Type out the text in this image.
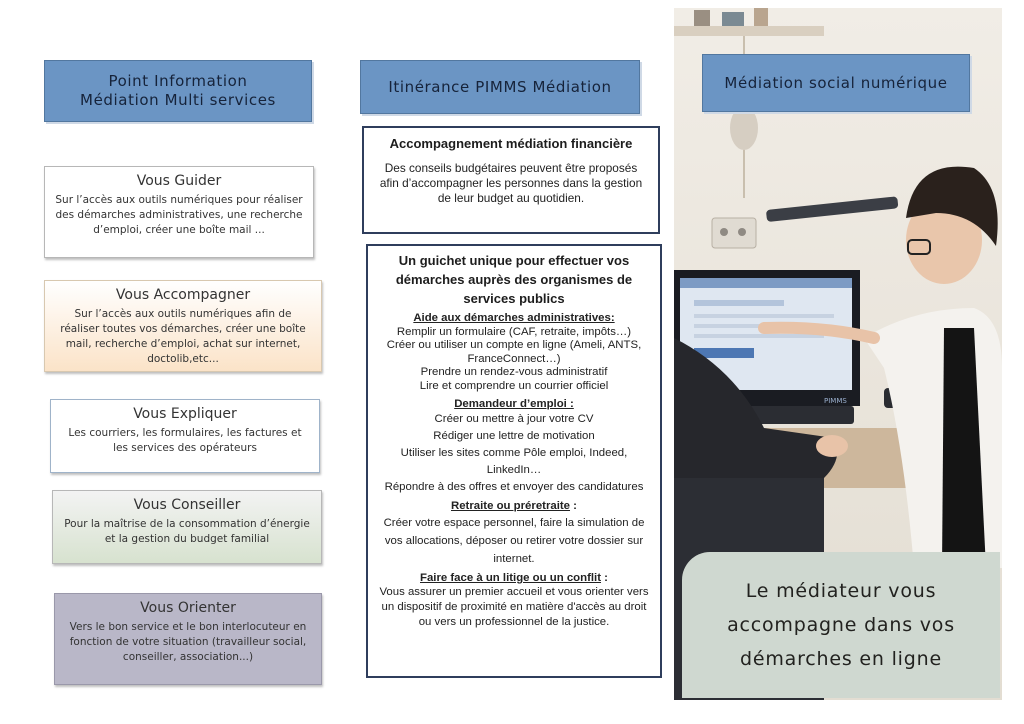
Point Information
Médiation Multi services
Vous Guider
Sur l’accès aux outils numériques pour réaliser des démarches administratives, une recherche d’emploi, créer une boîte mail ...
Vous Accompagner
Sur l’accès aux outils numériques afin de réaliser toutes vos démarches, créer une boîte mail, recherche d’emploi, achat sur internet, doctolib,etc...
Vous Expliquer
Les courriers, les formulaires, les factures et les services des opérateurs
Vous Conseiller
Pour la maîtrise de la consommation d’énergie et la gestion du budget familial
Vous Orienter
Vers le bon service et le bon interlocuteur en fonction de votre situation (travailleur social, conseiller, association...)
Itinérance PIMMS Médiation
Accompagnement médiation financière

Des conseils budgétaires peuvent être proposés afin d’accompagner les personnes dans la gestion de leur budget au quotidien.

Un guichet unique pour effectuer vos démarches auprès des organismes de services publics

Aide aux démarches administratives:

Remplir un formulaire (CAF, retraite, impôts…)

Créer ou utiliser un compte en ligne (Ameli, ANTS, FranceConnect…)

Prendre un rendez-vous administratif

Lire et comprendre un courrier officiel

Demandeur d’emploi :

Créer ou mettre à jour votre CV

Rédiger une lettre de motivation

Utiliser les sites comme Pôle emploi, Indeed, LinkedIn…

Répondre à des offres et envoyer des candidatures

Retraite ou préretraite :

Créer votre espace personnel, faire la simulation de vos allocations, déposer ou retirer votre dossier sur internet.

Faire face à un litige ou un conflit :

Vous assurer un premier accueil et vous orienter vers un dispositif de proximité en matière d'accès au droit ou vers un professionnel de la justice.

PIMMS
Médiation social numérique
Le médiateur vous
accompagne dans vos
démarches en ligne
